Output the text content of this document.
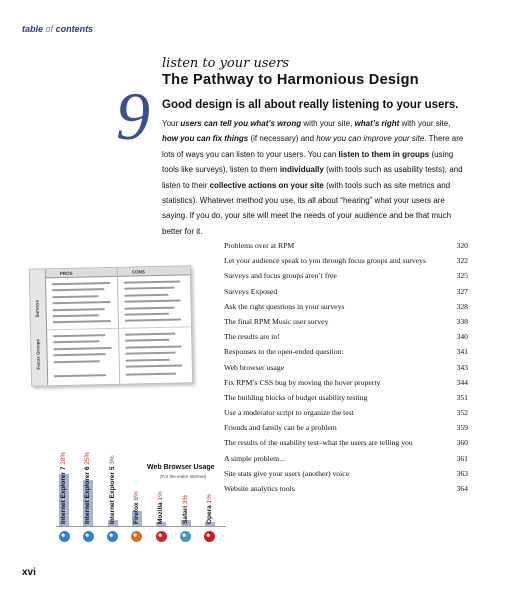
table of contents
9
listen to your users
The Pathway to Harmonious Design
Good design is all about really listening to your users.
Your users can tell you what’s wrong with your site, what’s right with your site, how you can fix things (if necessary) and how you can improve your site. There are lots of ways you can listen to your users. You can listen to them in groups (using tools like surveys), listen to them individually (with tools such as usability tests), and listen to their collective actions on your site (with tools such as site metrics and statistics). Whatever method you use, its all about “hearing” what your users are saying. If you do, your site will meet the needs of your audience and be that much better for it.
PROS	CONS
Surveys
Focus Groups
Problems over at RPM	320
Let your audience speak to you through focus groups and surveys	322
Surveys and focus groups aren’t free	325
Surveys Exposed	327
Ask the right questions in your surveys	328
The final RPM Music user survey	338
The results are in!	340
Responses to the open-ended question:	341
Web browser usage	343
Fix RPM’s CSS bug by moving the hover property	344
The building blocks of budget usability testing	351
Use a moderator script to organize the test	352
Friends and family can be a problem	359
The results of the usability test–what the users are telling you	360
A simple problem...	361
Site stats give your users (another) voice	363
Website analytics tools	364
Web Browser Usage
(For the entire Internet)
Internet Explorer 7 28%
Internet Explorer 6 25%
Internet Explorer 5 3%
Firefox 8%
Mozilla 1%
Safari 3%
Opera 1%
xvi
